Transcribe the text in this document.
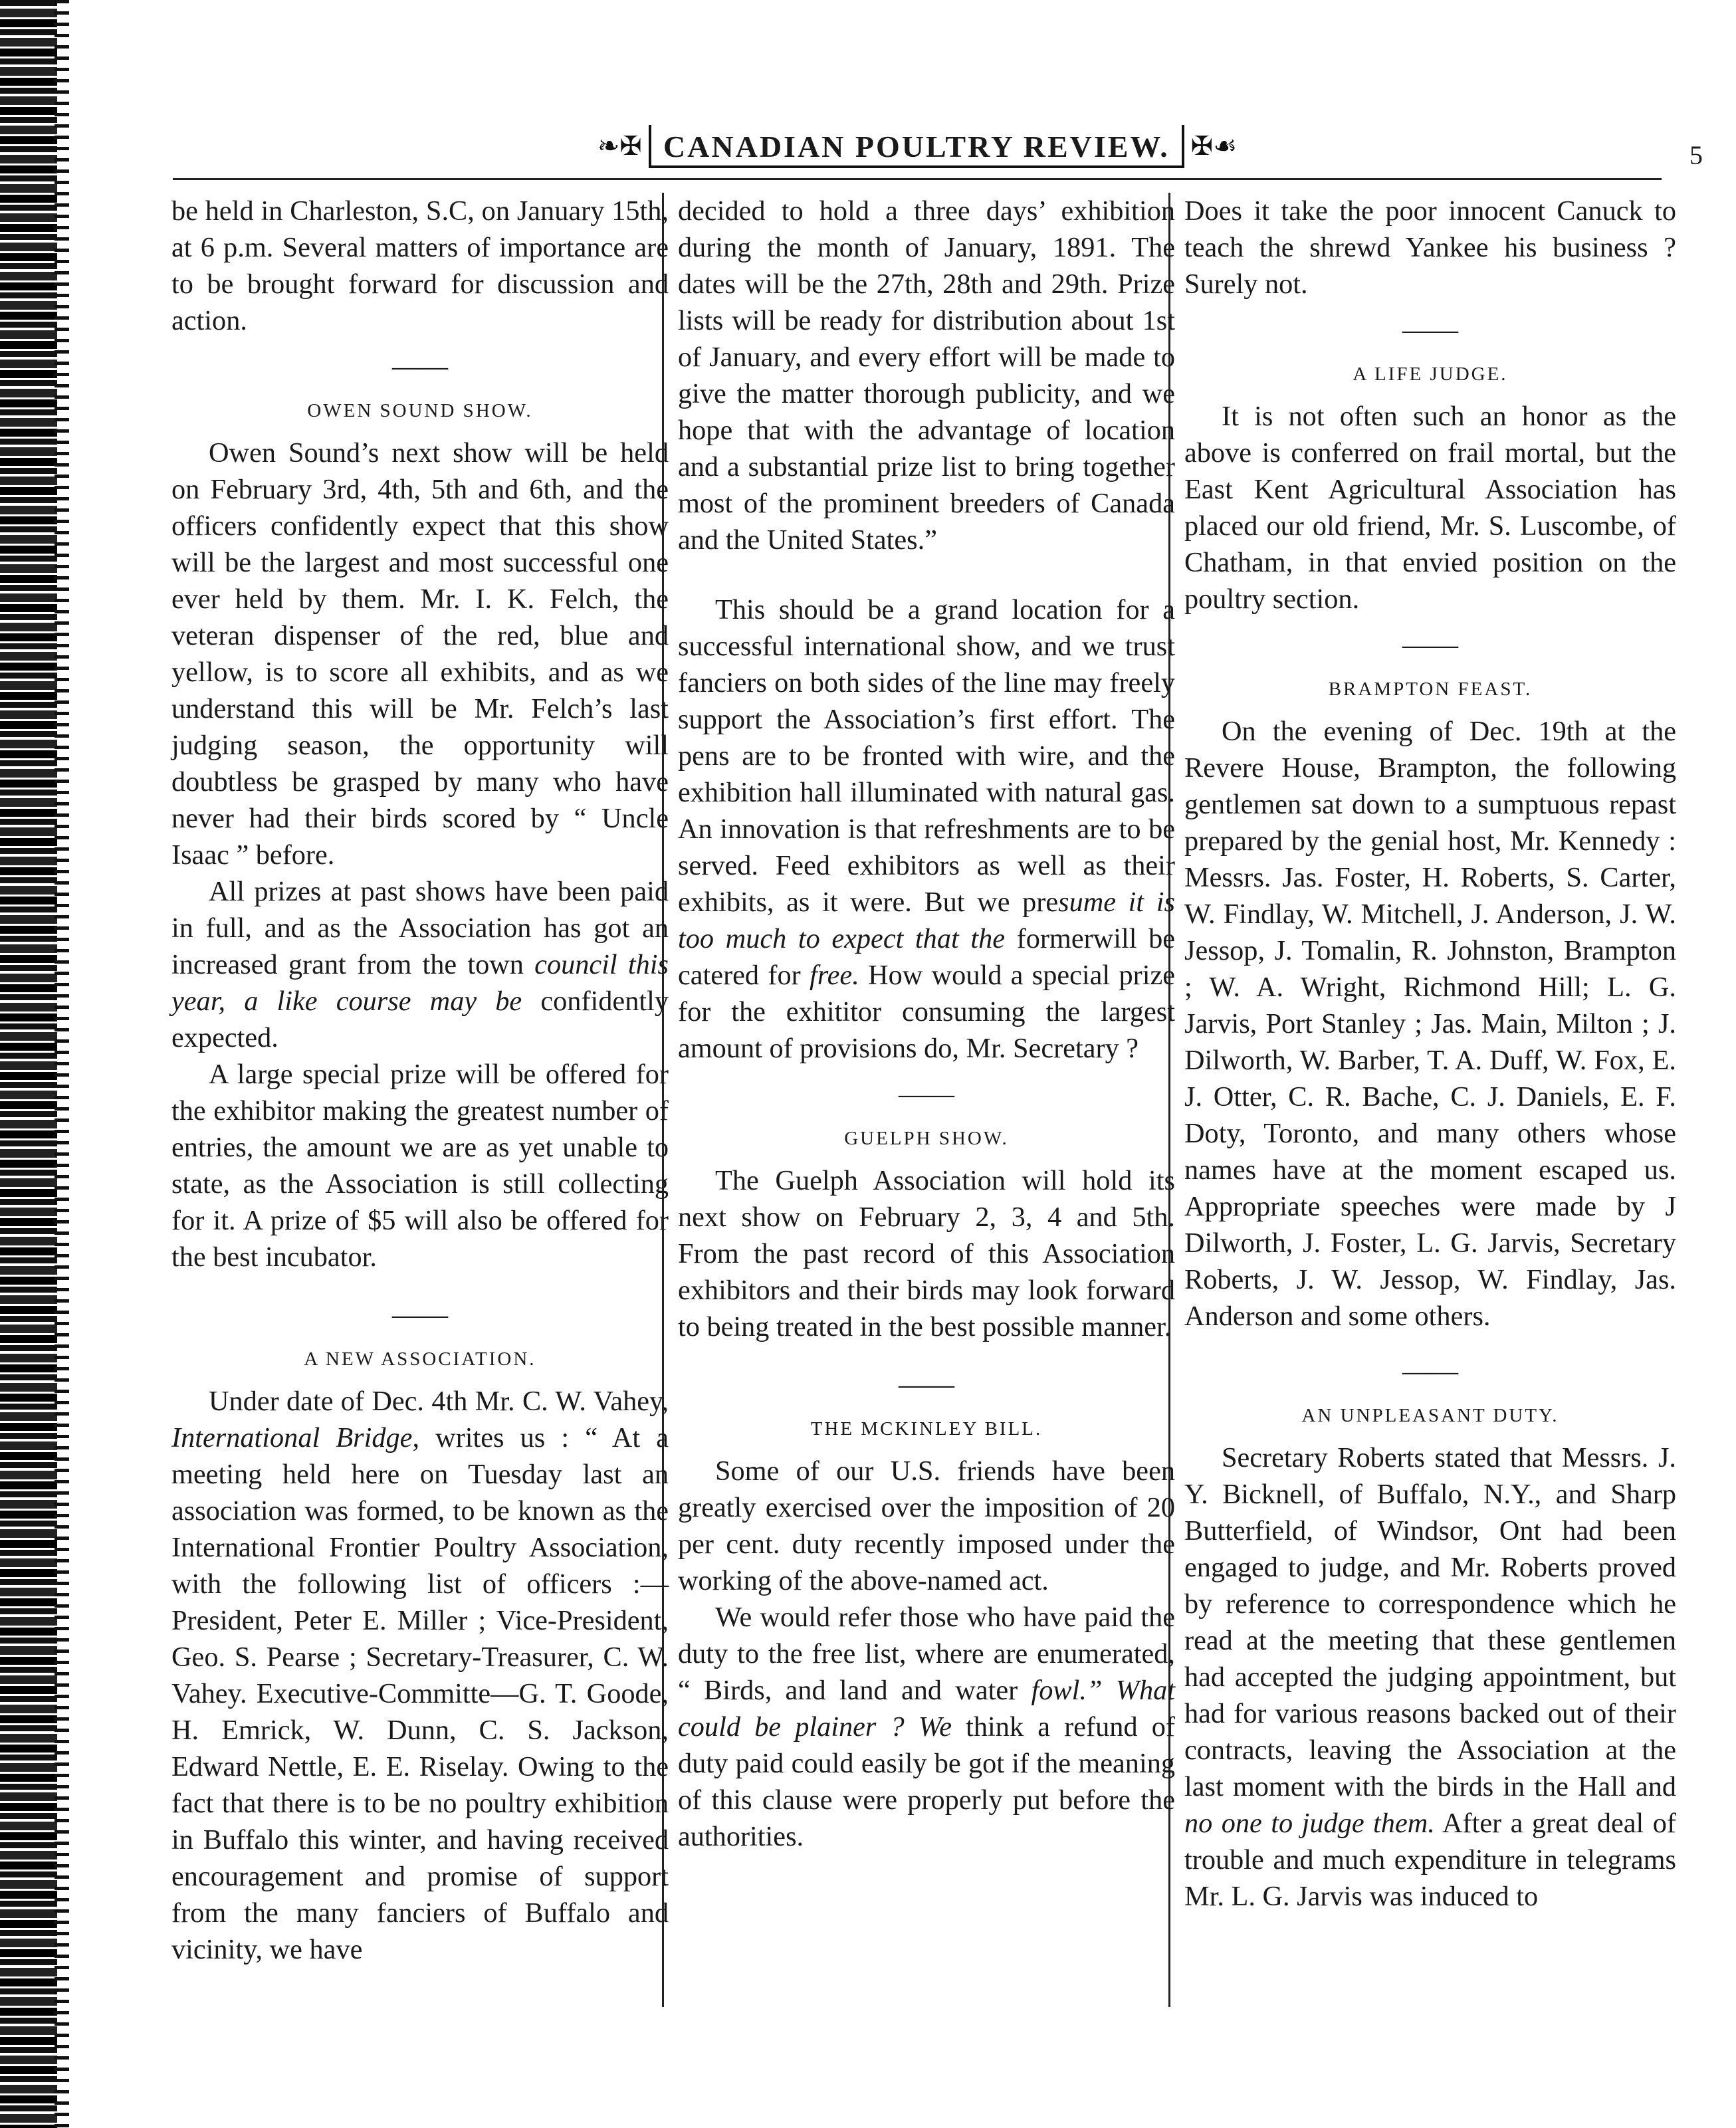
❧✠ CANADIAN POULTRY REVIEW. ✠☙	5

be held in Charleston, S.C, on January 15th, at 6 p.m. Several matters of importance are to be brought forward for discussion and action.

——
OWEN SOUND SHOW.

Owen Sound’s next show will be held on February 3rd, 4th, 5th and 6th, and the officers confidently expect that this show will be the largest and most successful one ever held by them. Mr. I. K. Felch, the veteran dispenser of the red, blue and yellow, is to score all exhibits, and as we understand this will be Mr. Felch’s last judging season, the opportunity will doubtless be grasped by many who have never had their birds scored by “ Uncle Isaac ” before.

All prizes at past shows have been paid in full, and as the Association has got an increased grant from the town council this year, a like course may be confidently expected.

A large special prize will be offered for the exhibitor making the greatest number of entries, the amount we are as yet unable to state, as the Association is still collecting for it. A prize of $5 will also be offered for the best incubator.

——
A NEW ASSOCIATION.

Under date of Dec. 4th Mr. C. W. Vahey, International Bridge, writes us : “ At a meeting held here on Tuesday last an association was formed, to be known as the International Frontier Poultry Association, with the following list of officers :—President, Peter E. Miller ; Vice-President, Geo. S. Pearse ; Secretary-Treasurer, C. W. Vahey. Executive-Committe—G. T. Goode, H. Emrick, W. Dunn, C. S. Jackson, Edward Nettle, E. E. Riselay. Owing to the fact that there is to be no poultry exhibition in Buffalo this winter, and having received encouragement and promise of support from the many fanciers of Buffalo and vicinity, we have

decided to hold a three days’ exhibition during the month of January, 1891. The dates will be the 27th, 28th and 29th. Prize lists will be ready for distribution about 1st of January, and every effort will be made to give the matter thorough publicity, and we hope that with the advantage of location and a substantial prize list to bring together most of the prominent breeders of Canada and the United States.”

This should be a grand location for a successful international show, and we trust fanciers on both sides of the line may freely support the Association’s first effort. The pens are to be fronted with wire, and the exhibition hall illuminated with natural gas. An innovation is that refreshments are to be served. Feed exhibitors as well as their exhibits, as it were. But we presume it is too much to expect that the formerwill be catered for free. How would a special prize for the exhititor consuming the largest amount of provisions do, Mr. Secretary ?

——
GUELPH SHOW.

The Guelph Association will hold its next show on February 2, 3, 4 and 5th. From the past record of this Association exhibitors and their birds may look forward to being treated in the best possible manner.

——
THE MCKINLEY BILL.

Some of our U.S. friends have been greatly exercised over the imposition of 20 per cent. duty recently imposed under the working of the above-named act.

We would refer those who have paid the duty to the free list, where are enumerated, “ Birds, and land and water fowl.” What could be plainer ? We think a refund of duty paid could easily be got if the meaning of this clause were properly put before the authorities.

Does it take the poor innocent Canuck to teach the shrewd Yankee his business ? Surely not.

——
A LIFE JUDGE.

It is not often such an honor as the above is conferred on frail mortal, but the East Kent Agricultural Association has placed our old friend, Mr. S. Luscombe, of Chatham, in that envied position on the poultry section.

——
BRAMPTON FEAST.

On the evening of Dec. 19th at the Revere House, Brampton, the following gentlemen sat down to a sumptuous repast prepared by the genial host, Mr. Kennedy : Messrs. Jas. Foster, H. Roberts, S. Carter, W. Findlay, W. Mitchell, J. Anderson, J. W. Jessop, J. Tomalin, R. Johnston, Brampton ; W. A. Wright, Richmond Hill; L. G. Jarvis, Port Stanley ; Jas. Main, Milton ; J. Dilworth, W. Barber, T. A. Duff, W. Fox, E. J. Otter, C. R. Bache, C. J. Daniels, E. F. Doty, Toronto, and many others whose names have at the moment escaped us. Appropriate speeches were made by J Dilworth, J. Foster, L. G. Jarvis, Secretary Roberts, J. W. Jessop, W. Findlay, Jas. Anderson and some others.

——
AN UNPLEASANT DUTY.

Secretary Roberts stated that Messrs. J. Y. Bicknell, of Buffalo, N.Y., and Sharp Butterfield, of Windsor, Ont had been engaged to judge, and Mr. Roberts proved by reference to correspondence which he read at the meeting that these gentlemen had accepted the judging appointment, but had for various reasons backed out of their contracts, leaving the Association at the last moment with the birds in the Hall and no one to judge them. After a great deal of trouble and much expenditure in telegrams Mr. L. G. Jarvis was induced to
